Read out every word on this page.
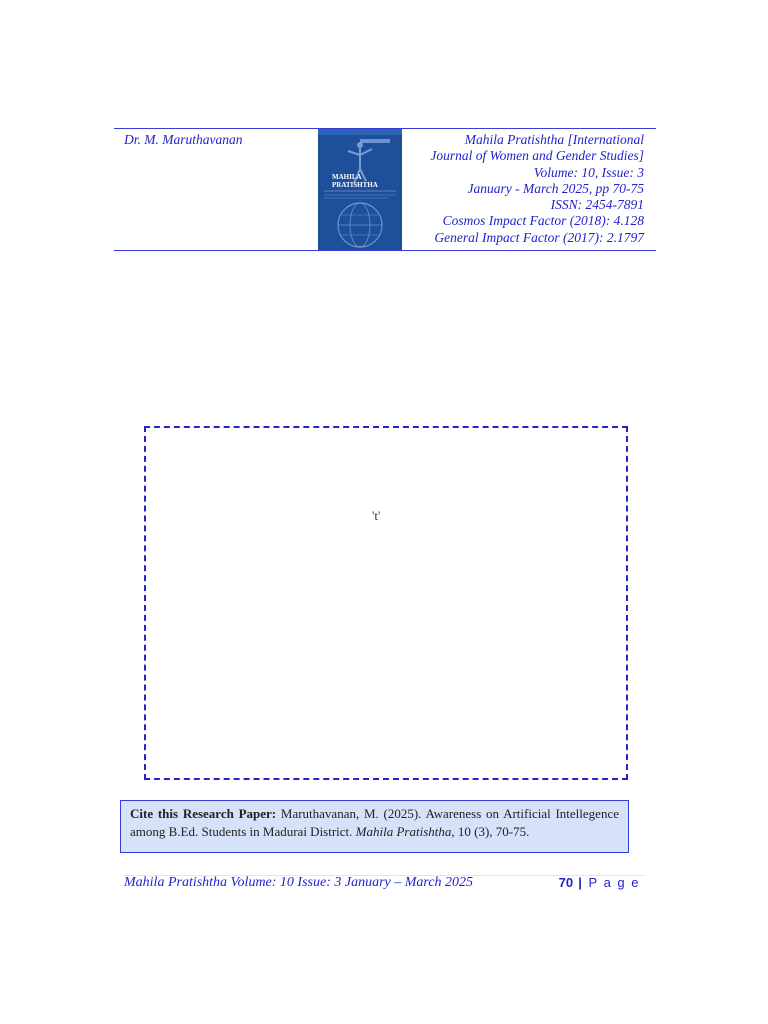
Dr. M. Maruthavanan
MAHILA
PRATISHTHA
Mahila Pratishtha [International
Journal of Women and Gender Studies]
Volume: 10, Issue: 3
January - March 2025, pp 70-75
ISSN: 2454-7891
Cosmos Impact Factor (2018): 4.128
General Impact Factor (2017): 2.1797
't'

Cite this Research Paper: Maruthavanan, M. (2025). Awareness on Artificial Intellegence among B.Ed. Students in Madurai District. Mahila Pratishtha, 10 (3), 70-75.

Mahila Pratishtha Volume: 10 Issue: 3 January – March 2025	70 | P a g e
